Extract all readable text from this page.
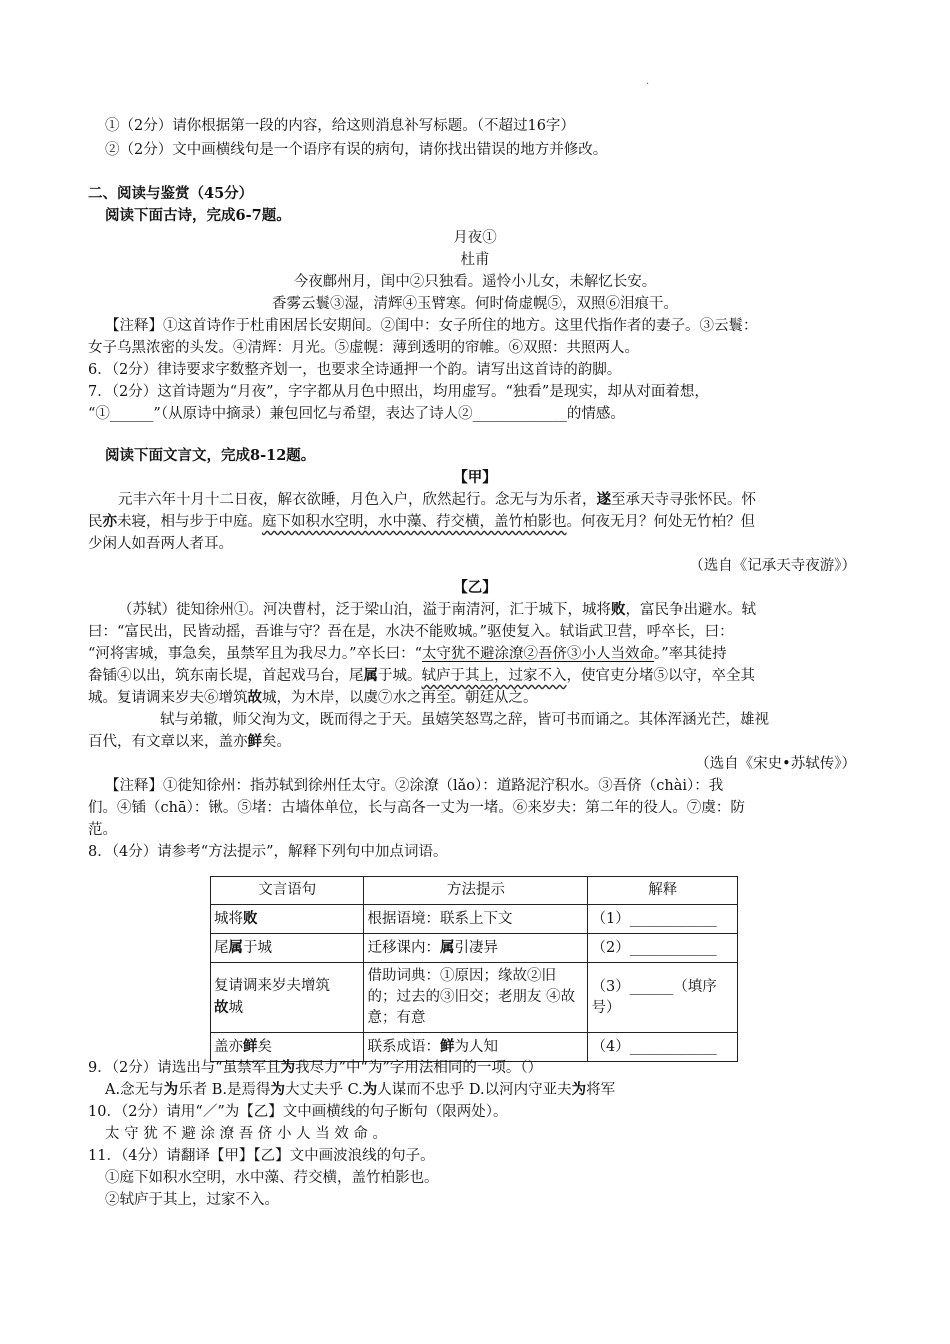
.
①（2分）请你根据第一段的内容，给这则消息补写标题。（不超过16字）
②（2分）文中画横线句是一个语序有误的病句，请你找出错误的地方并修改。
二、阅读与鉴赏（45分）
阅读下面古诗，完成6-7题。
月夜①
杜甫
今夜鄜州月，闺中②只独看。遥怜小儿女，未解忆长安。
香雾云鬟③湿，清辉④玉臂寒。何时倚虚幌⑤，双照⑥泪痕干。
【注释】①这首诗作于杜甫困居长安期间。②闺中：女子所住的地方。这里代指作者的妻子。③云鬟：
女子乌黑浓密的头发。④清辉：月光。⑤虚幌：薄到透明的帘帷。⑥双照：共照两人。
6．（2分）律诗要求字数整齐划一，也要求全诗通押一个韵。请写出这首诗的韵脚。
7．（2分）这首诗题为“月夜”，字字都从月色中照出，均用虚写。“独看”是现实，却从对面着想，
“①______”（从原诗中摘录）兼包回忆与希望，表达了诗人②_____________的情感。
阅读下面文言文，完成8-12题。
【甲】
元丰六年十月十二日夜，解衣欲睡，月色入户，欣然起行。念无与为乐者，遂至承天寺寻张怀民。怀
民亦未寝，相与步于中庭。庭下如积水空明，水中藻、荇交横，盖竹柏影也。何夜无月？何处无竹柏？但
少闲人如吾两人者耳。
（选自《记承天寺夜游》）
【乙】
（苏轼）徙知徐州①。河决曹村，泛于梁山泊，溢于南清河，汇于城下，城将败，富民争出避水。轼
曰：“富民出，民皆动摇，吾谁与守？吾在是，水决不能败城。”驱使复入。轼诣武卫营，呼卒长，曰：
“河将害城，事急矣，虽禁军且为我尽力。”卒长曰：“太守犹不避涂潦②吾侪③小人当效命。”率其徒持
畚锸④以出，筑东南长堤，首起戏马台，尾属于城。轼庐于其上，过家不入，使官吏分堵⑤以守，卒全其
城。复请调来岁夫⑥增筑故城，为木岸，以虞⑦水之再至。朝廷从之。
轼与弟辙，师父洵为文，既而得之于天。虽嬉笑怒骂之辞，皆可书而诵之。其体浑涵光芒，雄视
百代，有文章以来，盖亦鲜矣。
（选自《宋史•苏轼传》）
【注释】①徙知徐州：指苏轼到徐州任太守。②涂潦（lǎo）：道路泥泞积水。③吾侪（chài）：我
们。④锸（chā）：锹。⑤堵：古墙体单位，长与高各一丈为一堵。⑥来岁夫：第二年的役人。⑦虞：防
范。
8．（4分）请参考“方法提示”，解释下列句中加点词语。
文言语句	方法提示	解释
城将败	根据语境：联系上下文	（1）____________
尾属于城	迁移课内：属引凄异	（2）____________
复请调来岁夫增筑
故城	借助词典：①原因；缘故②旧的；过去的③旧交；老朋友 ④故意；有意	（3）______（填序号）
盖亦鲜矣	联系成语：鲜为人知	（4）____________
9．（2分）请选出与“虽禁军且为我尽力”中“为”字用法相同的一项。（）
A.念无与为乐者 B.是焉得为大丈夫乎 C.为人谋而不忠乎 D.以河内守亚夫为将军
10．（2分）请用“／”为【乙】文中画横线的句子断句（限两处）。
太 守 犹 不 避 涂 潦 吾 侪 小 人 当 效 命 。
11．（4分）请翻译【甲】【乙】文中画波浪线的句子。
①庭下如积水空明，水中藻、荇交横，盖竹柏影也。
②轼庐于其上，过家不入。
